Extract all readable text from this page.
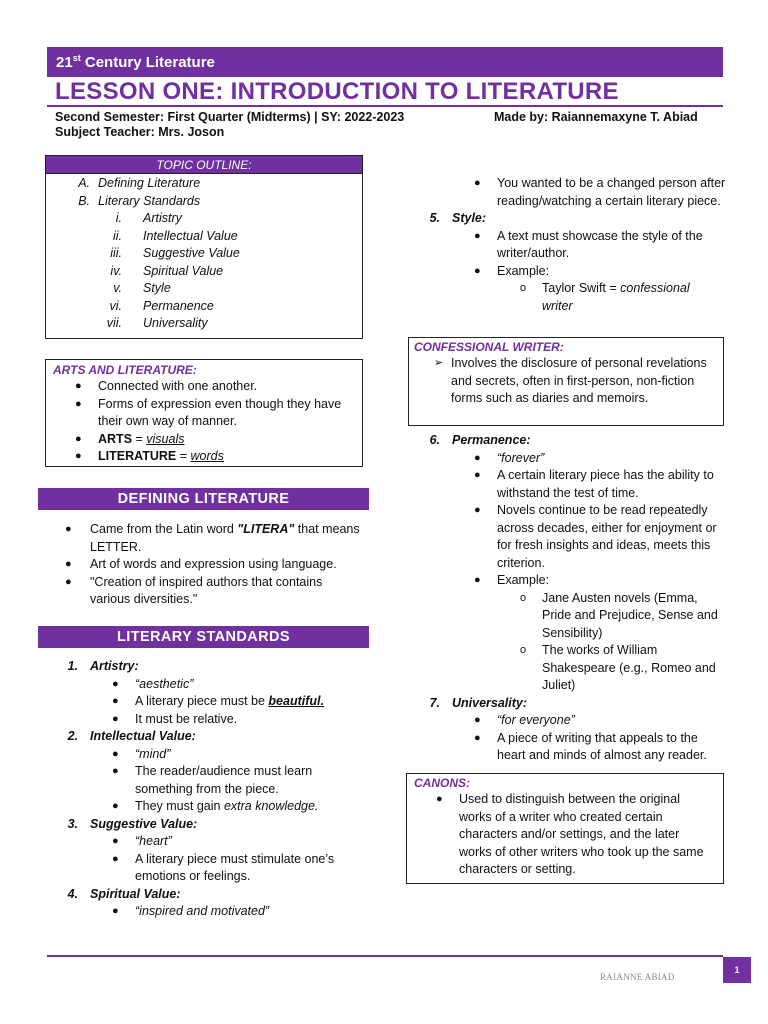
21st Century Literature
LESSON ONE: INTRODUCTION TO LITERATURE
Second Semester: First Quarter (Midterms) | SY: 2022-2023
Subject Teacher: Mrs. Joson
Made by: Raiannemaxyne T. Abiad
TOPIC OUTLINE:
A. Defining Literature
B. Literary Standards
i. Artistry
ii. Intellectual Value
iii. Suggestive Value
iv. Spiritual Value
v. Style
vi. Permanence
vii. Universality
ARTS AND LITERATURE:
● Connected with one another.
● Forms of expression even though they have their own way of manner.
● ARTS = visuals
● LITERATURE = words
DEFINING LITERATURE
● Came from the Latin word "LITERA" that means LETTER.
● Art of words and expression using language.
● "Creation of inspired authors that contains various diversities."
LITERARY STANDARDS
1. Artistry:
● “aesthetic”
● A literary piece must be beautiful.
● It must be relative.
2. Intellectual Value:
● “mind”
● The reader/audience must learn something from the piece.
● They must gain extra knowledge.
3. Suggestive Value:
● “heart”
● A literary piece must stimulate one’s emotions or feelings.
4. Spiritual Value:
● “inspired and motivated”
● You wanted to be a changed person after reading/watching a certain literary piece.
5. Style:
● A text must showcase the style of the writer/author.
● Example:
o Taylor Swift = confessional writer
CONFESSIONAL WRITER:
➢ Involves the disclosure of personal revelations and secrets, often in first-person, non-fiction forms such as diaries and memoirs.
6. Permanence:
● “forever”
● A certain literary piece has the ability to withstand the test of time.
● Novels continue to be read repeatedly across decades, either for enjoyment or for fresh insights and ideas, meets this criterion.
● Example:
o Jane Austen novels (Emma, Pride and Prejudice, Sense and Sensibility)
o The works of William Shakespeare (e.g., Romeo and Juliet)
7. Universality:
● “for everyone”
● A piece of writing that appeals to the heart and minds of almost any reader.
CANONS:
● Used to distinguish between the original works of a writer who created certain characters and/or settings, and the later works of other writers who took up the same characters or setting.
RAIANNE ABIAD
1
